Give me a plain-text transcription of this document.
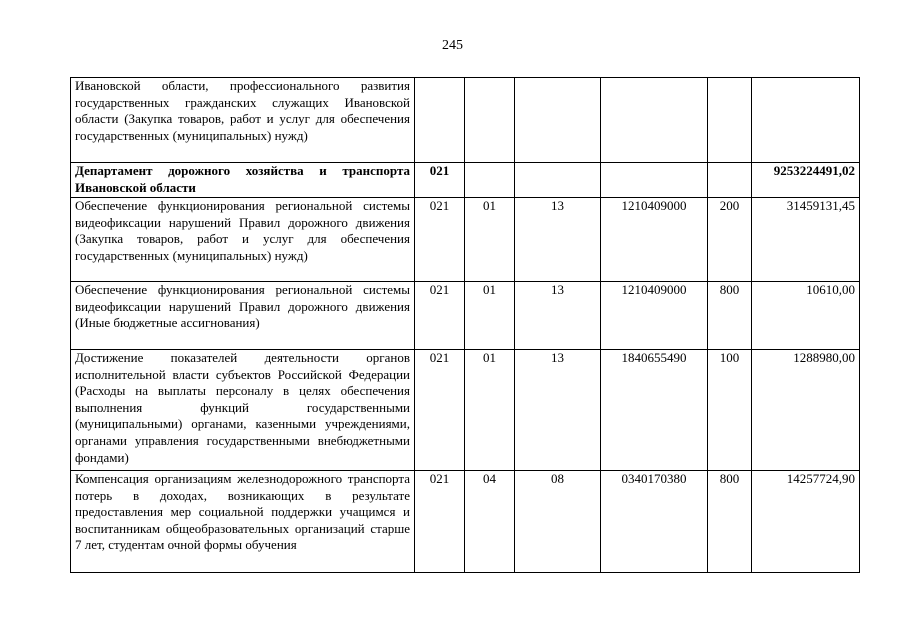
245
Ивановской области, профессионального развития государственных гражданских служащих Ивановской области (Закупка товаров, работ и услуг для обеспечения государственных (муниципальных) нужд)						
Департамент дорожного хозяйства и транспорта Ивановской области	021					9253224491,02
Обеспечение функционирования региональной системы видеофиксации нарушений Правил дорожного движения (Закупка товаров, работ и услуг для обеспечения государственных (муниципальных) нужд)	021	01	13	1210409000	200	31459131,45
Обеспечение функционирования региональной системы видеофиксации нарушений Правил дорожного движения (Иные бюджетные ассигнования)	021	01	13	1210409000	800	10610,00
Достижение показателей деятельности органов исполнительной власти субъектов Российской Федерации (Расходы на выплаты персоналу в целях обеспечения выполнения функций государственными (муниципальными) органами, казенными учреждениями, органами управления государственными внебюджетными фондами)	021	01	13	1840655490	100	1288980,00
Компенсация организациям железнодорожного транспорта потерь в доходах, возникающих в результате предоставления мер социальной поддержки учащимся и воспитанникам общеобразовательных организаций старше 7 лет, студентам очной формы обучения	021	04	08	0340170380	800	14257724,90
